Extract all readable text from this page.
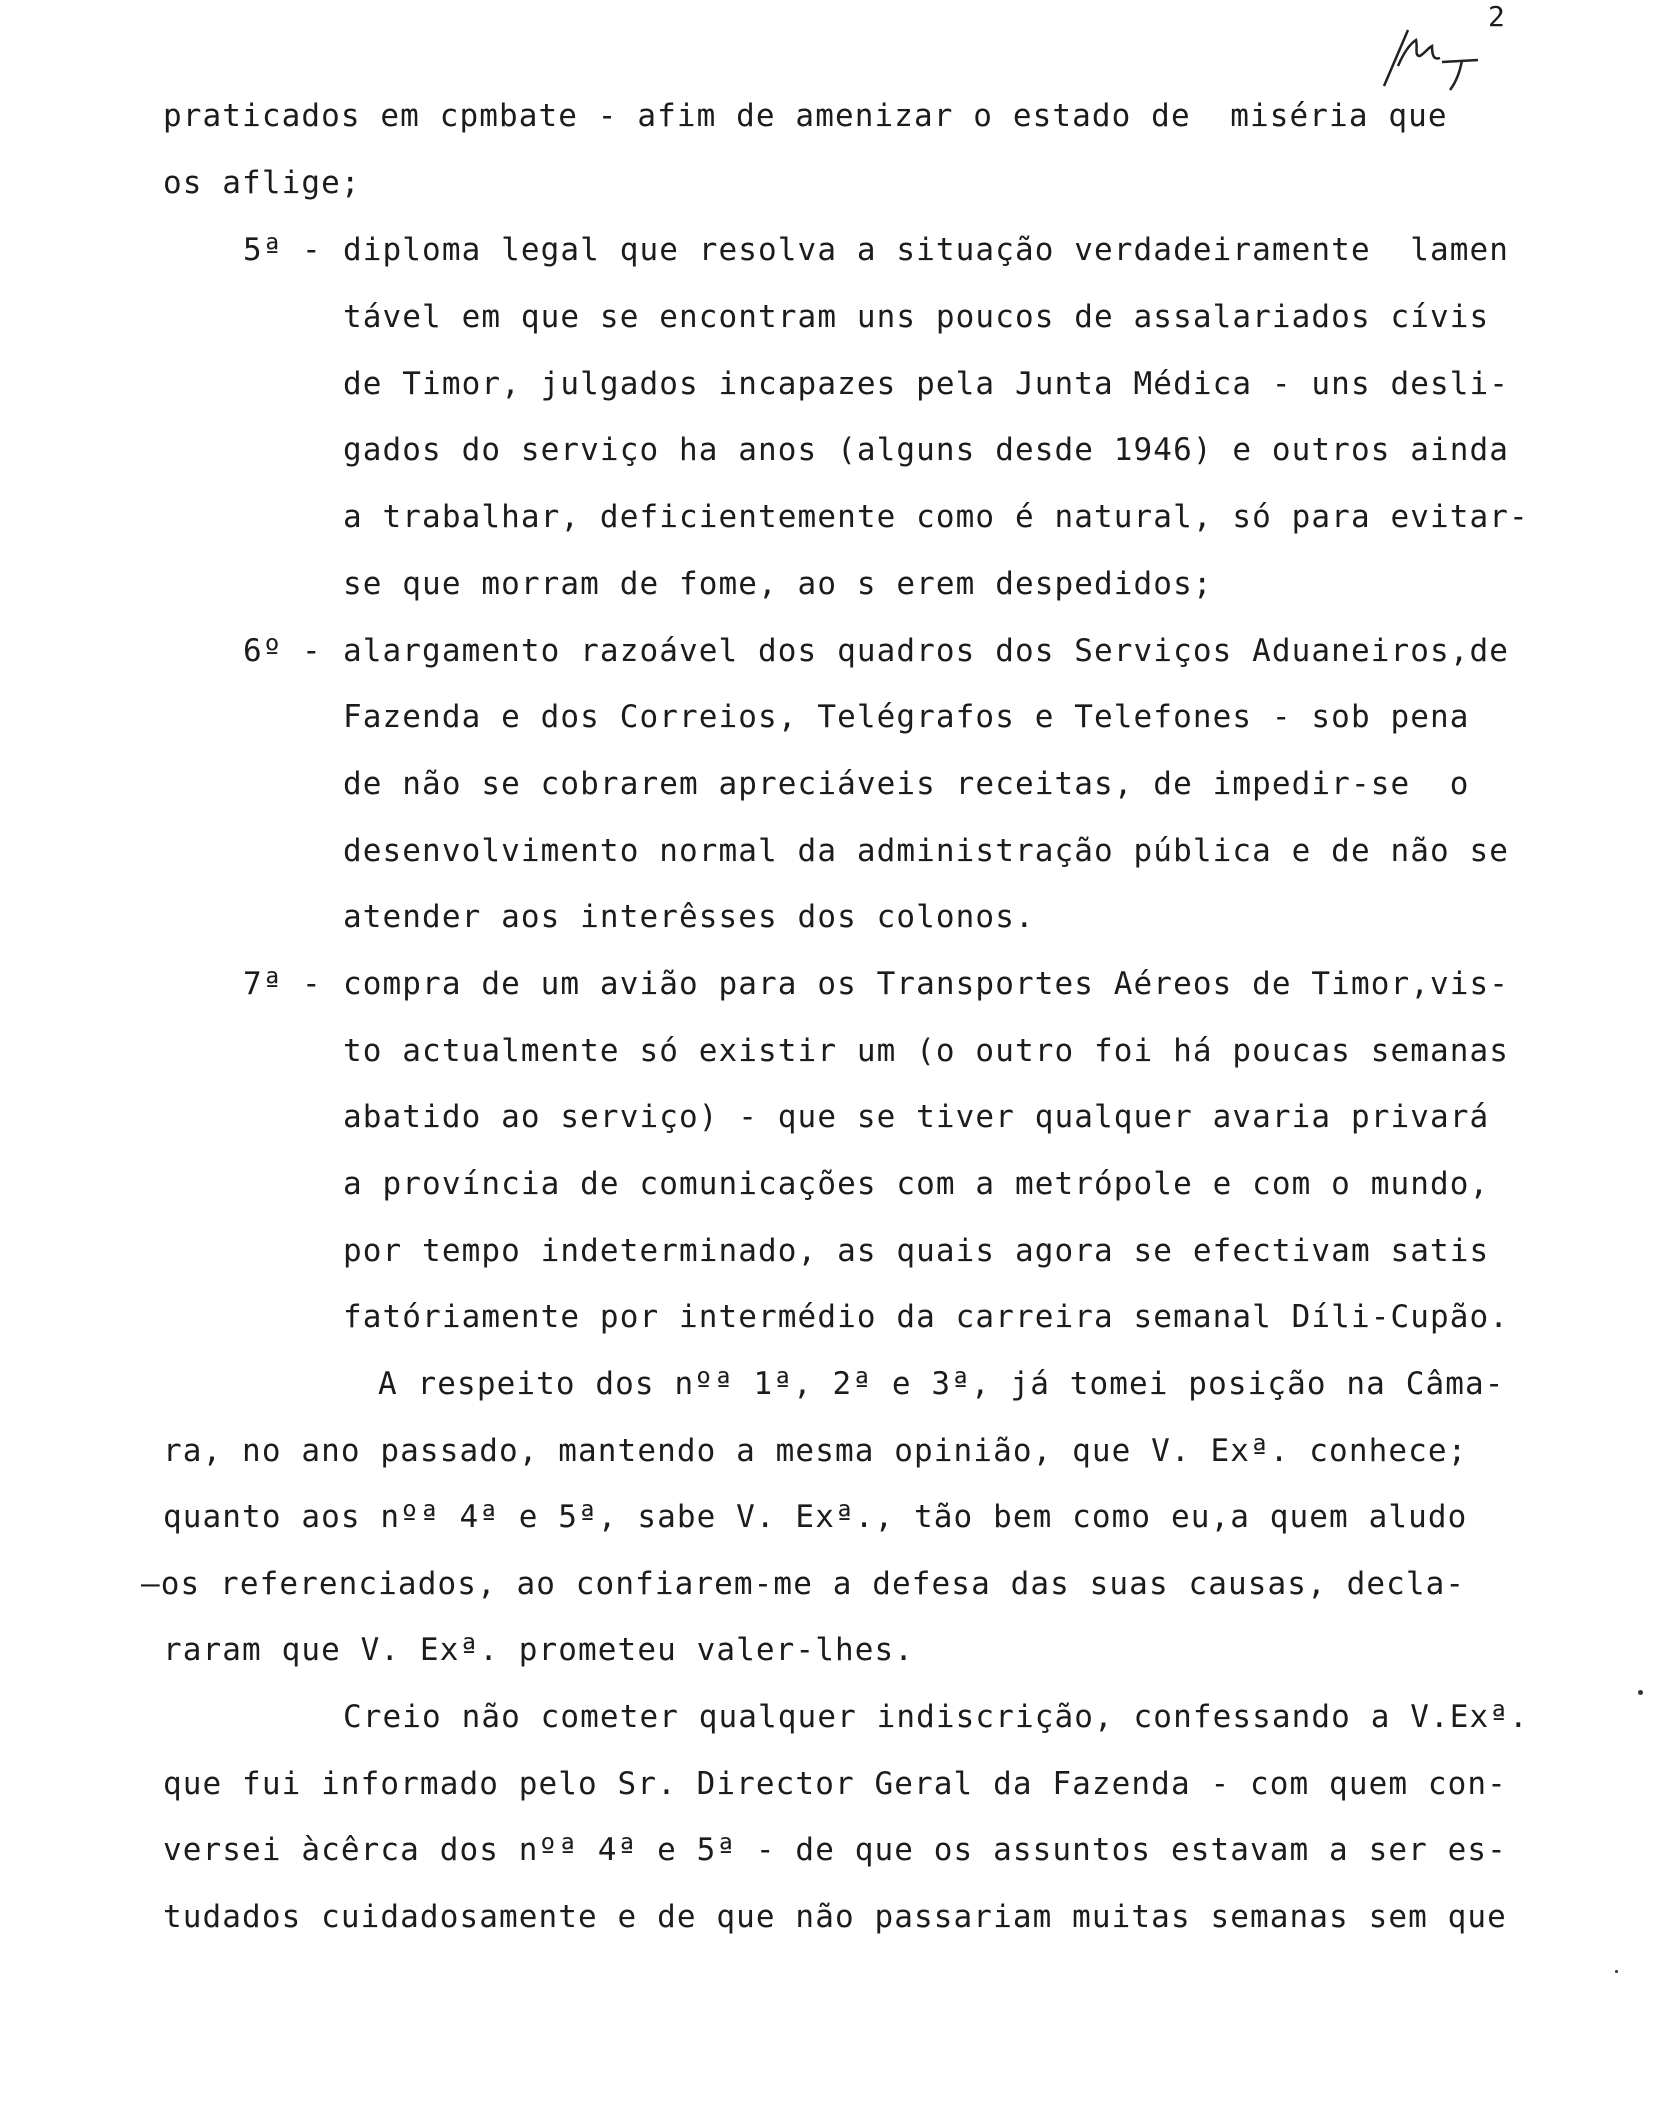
2
praticados em cpmbate - afim de amenizar o estado de  miséria que
os aflige;
5ª - diploma legal que resolva a situação verdadeiramente  lamen
tável em que se encontram uns poucos de assalariados cívis
de Timor, julgados incapazes pela Junta Médica - uns desli-
gados do serviço ha anos (alguns desde 1946) e outros ainda
a trabalhar, deficientemente como é natural, só para evitar-
se que morram de fome, ao s erem despedidos;
6º - alargamento razoável dos quadros dos Serviços Aduaneiros,de
Fazenda e dos Correios, Telégrafos e Telefones - sob pena
de não se cobrarem apreciáveis receitas, de impedir-se  o
desenvolvimento normal da administração pública e de não se
atender aos interêsses dos colonos.
7ª - compra de um avião para os Transportes Aéreos de Timor,vis-
to actualmente só existir um (o outro foi há poucas semanas
abatido ao serviço) - que se tiver qualquer avaria privará
a província de comunicações com a metrópole e com o mundo,
por tempo indeterminado, as quais agora se efectivam satis
fatóriamente por intermédio da carreira semanal Díli-Cupão.
A respeito dos nºª 1ª, 2ª e 3ª, já tomei posição na Câma-
ra, no ano passado, mantendo a mesma opinião, que V. Exª. conhece;
quanto aos nºª 4ª e 5ª, sabe V. Exª., tão bem como eu,a quem aludo
—os referenciados, ao confiarem-me a defesa das suas causas, decla-
raram que V. Exª. prometeu valer-lhes.
Creio não cometer qualquer indiscrição, confessando a V.Exª.
que fui informado pelo Sr. Director Geral da Fazenda - com quem con-
versei àcêrca dos nºª 4ª e 5ª - de que os assuntos estavam a ser es-
tudados cuidadosamente e de que não passariam muitas semanas sem que
